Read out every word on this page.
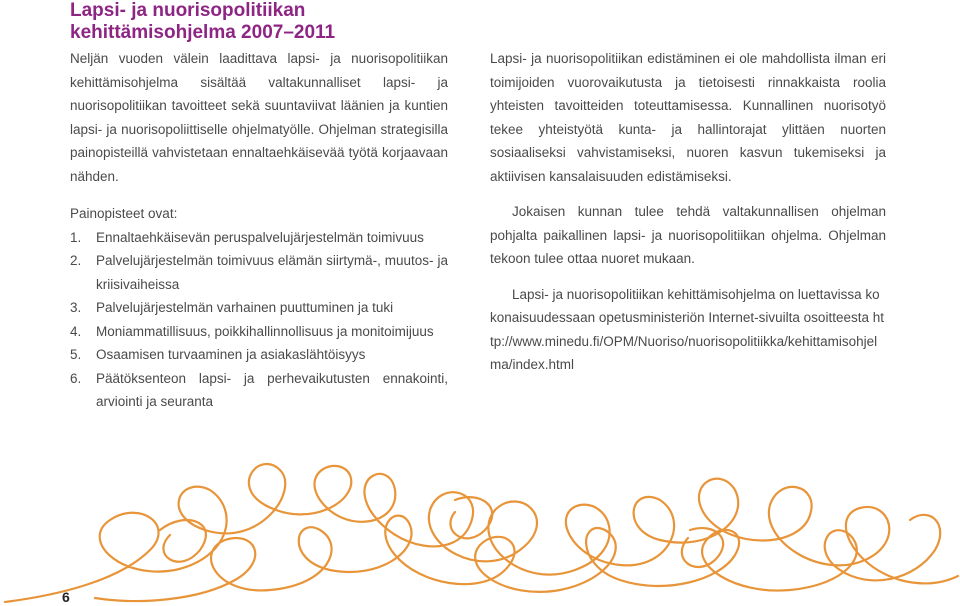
Lapsi- ja nuorisopolitiikan
kehittämisohjelma 2007–2011

Neljän vuoden välein laadittava lapsi- ja nuorisopolitiikan kehittämisohjelma sisältää valtakunnalliset lapsi- ja nuorisopolitiikan tavoitteet sekä suuntaviivat läänien ja kuntien lapsi- ja nuorisopoliittiselle ohjelmatyölle. Ohjelman strategisilla painopisteillä vahvistetaan ennaltaehkäisevää työtä korjaavaan nähden.

Painopisteet ovat:

1. Ennaltaehkäisevän peruspalvelujärjestelmän toimivuus
2. Palvelujärjestelmän toimivuus elämän siirtymä-, muutos- ja kriisivaiheissa
3. Palvelujärjestelmän varhainen puuttuminen ja tuki
4. Moniammatillisuus, poikkihallinnollisuus ja monitoimijuus
5. Osaamisen turvaaminen ja asiakaslähtöisyys
6. Päätöksenteon lapsi- ja perhevaikutusten ennakointi, arviointi ja seuranta

Lapsi- ja nuorisopolitiikan edistäminen ei ole mahdollista ilman eri toimijoiden vuorovaikutusta ja tietoisesti rinnakkaista roolia yhteisten tavoitteiden toteuttamisessa. Kunnallinen nuorisotyö tekee yhteistyötä kunta- ja hallintorajat ylittäen nuorten sosiaaliseksi vahvistamiseksi, nuoren kasvun tukemiseksi ja aktiivisen kansalaisuuden edistämiseksi.

Jokaisen kunnan tulee tehdä valtakunnallisen ohjelman pohjalta paikallinen lapsi- ja nuorisopolitiikan ohjelma. Ohjelman tekoon tulee ottaa nuoret mukaan.

Lapsi- ja nuorisopolitiikan kehittämisohjelma on luettavissa kokonaisuudessaan opetusministeriön Internet-sivuilta osoitteesta http://www.minedu.fi/OPM/Nuoriso/nuorisopolitiikka/kehittamisohjelma/index.html

6
